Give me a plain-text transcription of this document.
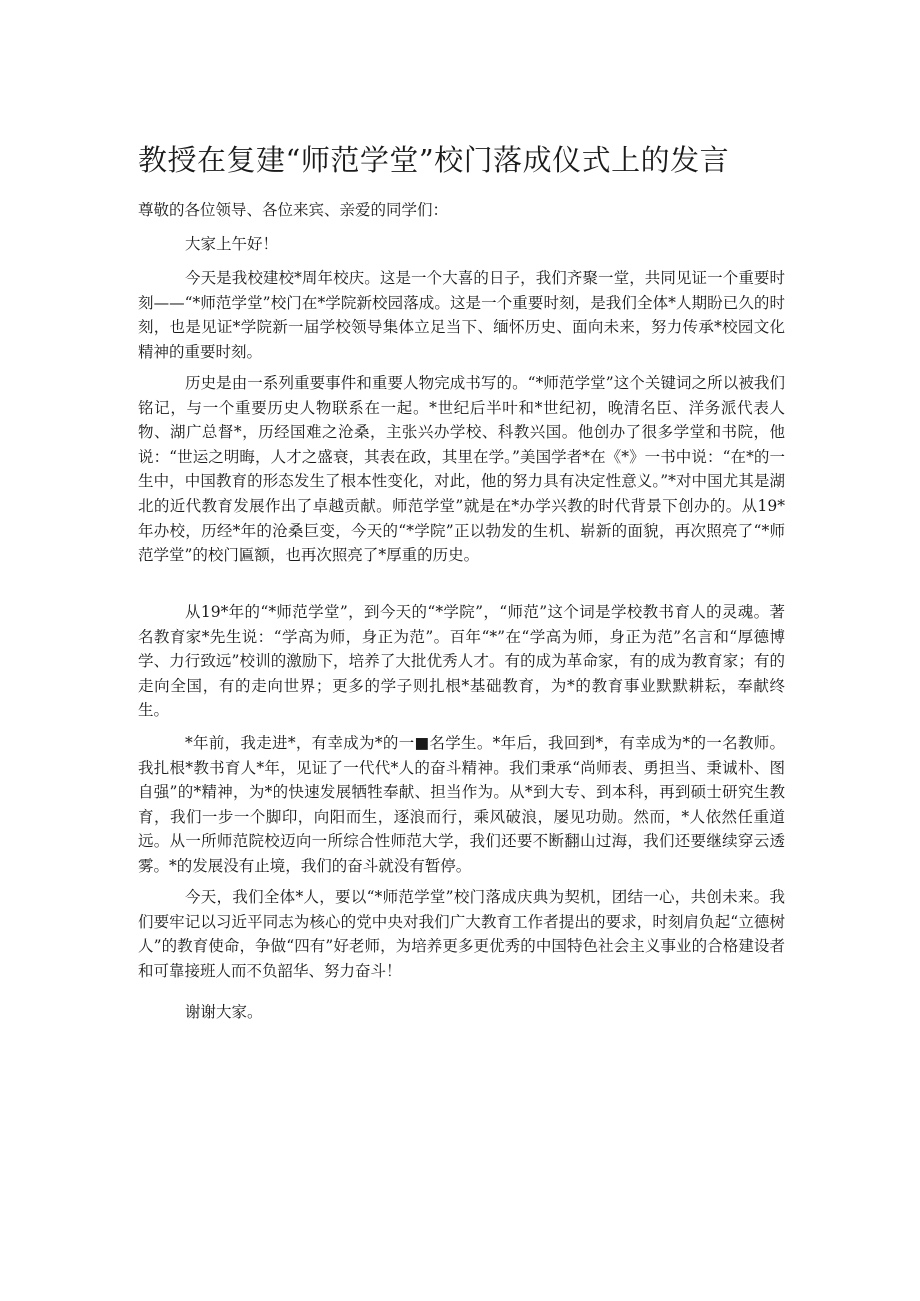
教授在复建“师范学堂”校门落成仪式上的发言

尊敬的各位领导、各位来宾、亲爱的同学们：

大家上午好！

今天是我校建校*周年校庆。这是一个大喜的日子，我们齐聚一堂，共同见证一个重要时刻——“*师范学堂”校门在*学院新校园落成。这是一个重要时刻，是我们全体*人期盼已久的时刻，也是见证*学院新一届学校领导集体立足当下、缅怀历史、面向未来，努力传承*校园文化精神的重要时刻。

历史是由一系列重要事件和重要人物完成书写的。“*师范学堂”这个关键词之所以被我们铭记，与一个重要历史人物联系在一起。*世纪后半叶和*世纪初，晚清名臣、洋务派代表人物、湖广总督*，历经国难之沧桑，主张兴办学校、科教兴国。他创办了很多学堂和书院，他说：“世运之明晦，人才之盛衰，其表在政，其里在学。”美国学者*在《*》一书中说：“在*的一生中，中国教育的形态发生了根本性变化，对此，他的努力具有决定性意义。”*对中国尤其是湖北的近代教育发展作出了卓越贡献。师范学堂”就是在*办学兴教的时代背景下创办的。从19*年办校，历经*年的沧桑巨变，今天的“*学院”正以勃发的生机、崭新的面貌，再次照亮了“*师范学堂”的校门匾额，也再次照亮了*厚重的历史。

从19*年的“*师范学堂”，到今天的“*学院”，“师范”这个词是学校教书育人的灵魂。著名教育家*先生说：“学高为师，身正为范”。百年“*”在“学高为师，身正为范”名言和“厚德博学、力行致远”校训的激励下，培养了大批优秀人才。有的成为革命家，有的成为教育家；有的走向全国，有的走向世界；更多的学子则扎根*基础教育，为*的教育事业默默耕耘，奉献终生。

*年前，我走进*，有幸成为*的一■名学生。*年后，我回到*，有幸成为*的一名教师。我扎根*教书育人*年，见证了一代代*人的奋斗精神。我们秉承“尚师表、勇担当、秉诚朴、图自强”的*精神，为*的快速发展牺牲奉献、担当作为。从*到大专、到本科，再到硕士研究生教育，我们一步一个脚印，向阳而生，逐浪而行，乘风破浪，屡见功勋。然而，*人依然任重道远。从一所师范院校迈向一所综合性师范大学，我们还要不断翻山过海，我们还要继续穿云透雾。*的发展没有止境，我们的奋斗就没有暂停。

今天，我们全体*人，要以“*师范学堂”校门落成庆典为契机，团结一心，共创未来。我们要牢记以习近平同志为核心的党中央对我们广大教育工作者提出的要求，时刻肩负起“立德树人”的教育使命，争做“四有”好老师，为培养更多更优秀的中国特色社会主义事业的合格建设者和可靠接班人而不负韶华、努力奋斗！

谢谢大家。
